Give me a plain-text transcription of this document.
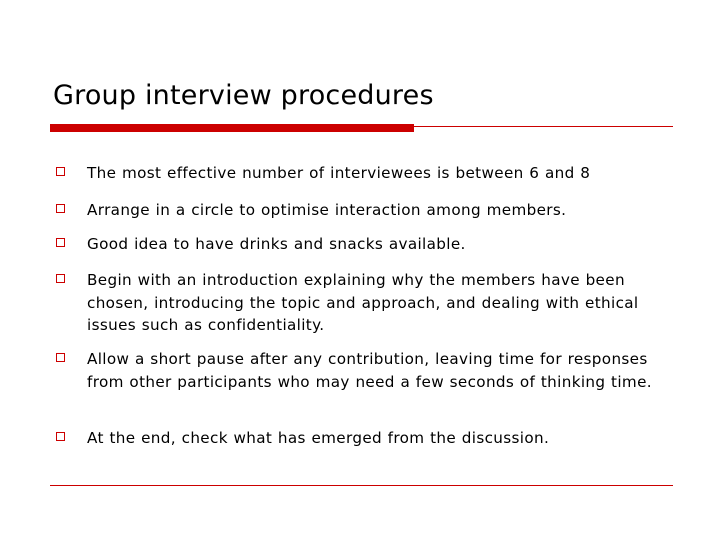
Group interview procedures

The most effective number of interviewees is between 6 and 8

Arrange in a circle to optimise interaction among members.

Good idea to have drinks and snacks available.

Begin with an introduction explaining why the members have been chosen, introducing the topic and approach, and dealing with ethical issues such as confidentiality.

Allow a short pause after any contribution, leaving time for responses from other participants who may need a few seconds of thinking time.

At the end, check what has emerged from the discussion.
